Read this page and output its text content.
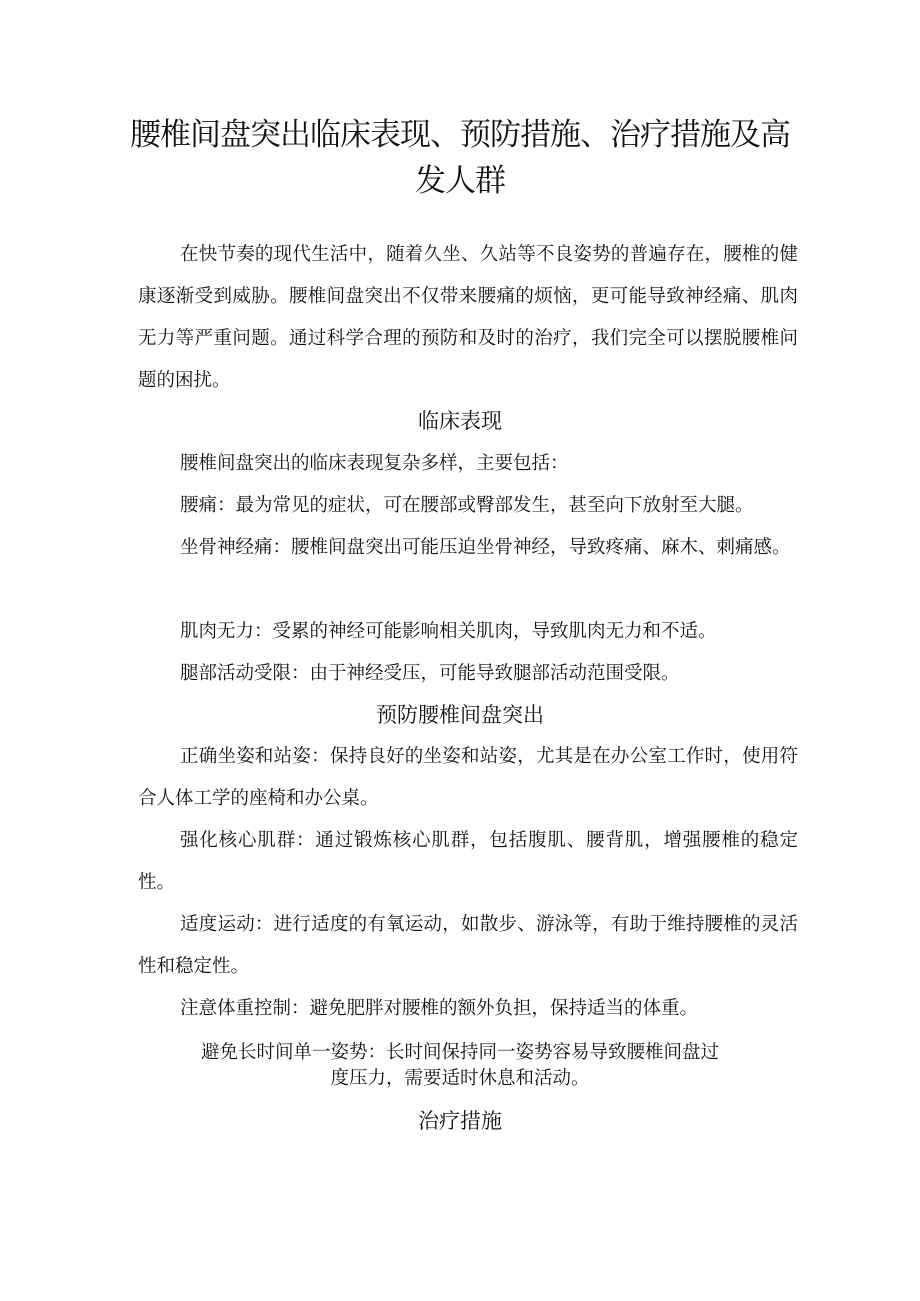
腰椎间盘突出临床表现、预防措施、治疗措施及高发人群

在快节奏的现代生活中，随着久坐、久站等不良姿势的普遍存在，腰椎的健康逐渐受到威胁。腰椎间盘突出不仅带来腰痛的烦恼，更可能导致神经痛、肌肉无力等严重问题。通过科学合理的预防和及时的治疗，我们完全可以摆脱腰椎问题的困扰。

临床表现

腰椎间盘突出的临床表现复杂多样，主要包括：

腰痛：最为常见的症状，可在腰部或臀部发生，甚至向下放射至大腿。

坐骨神经痛：腰椎间盘突出可能压迫坐骨神经，导致疼痛、麻木、刺痛感。

肌肉无力：受累的神经可能影响相关肌肉，导致肌肉无力和不适。

腿部活动受限：由于神经受压，可能导致腿部活动范围受限。

预防腰椎间盘突出

正确坐姿和站姿：保持良好的坐姿和站姿，尤其是在办公室工作时，使用符合人体工学的座椅和办公桌。

强化核心肌群：通过锻炼核心肌群，包括腹肌、腰背肌，增强腰椎的稳定性。

适度运动：进行适度的有氧运动，如散步、游泳等，有助于维持腰椎的灵活性和稳定性。

注意体重控制：避免肥胖对腰椎的额外负担，保持适当的体重。

避免长时间单一姿势：长时间保持同一姿势容易导致腰椎间盘过
度压力，需要适时休息和活动。
治疗措施
